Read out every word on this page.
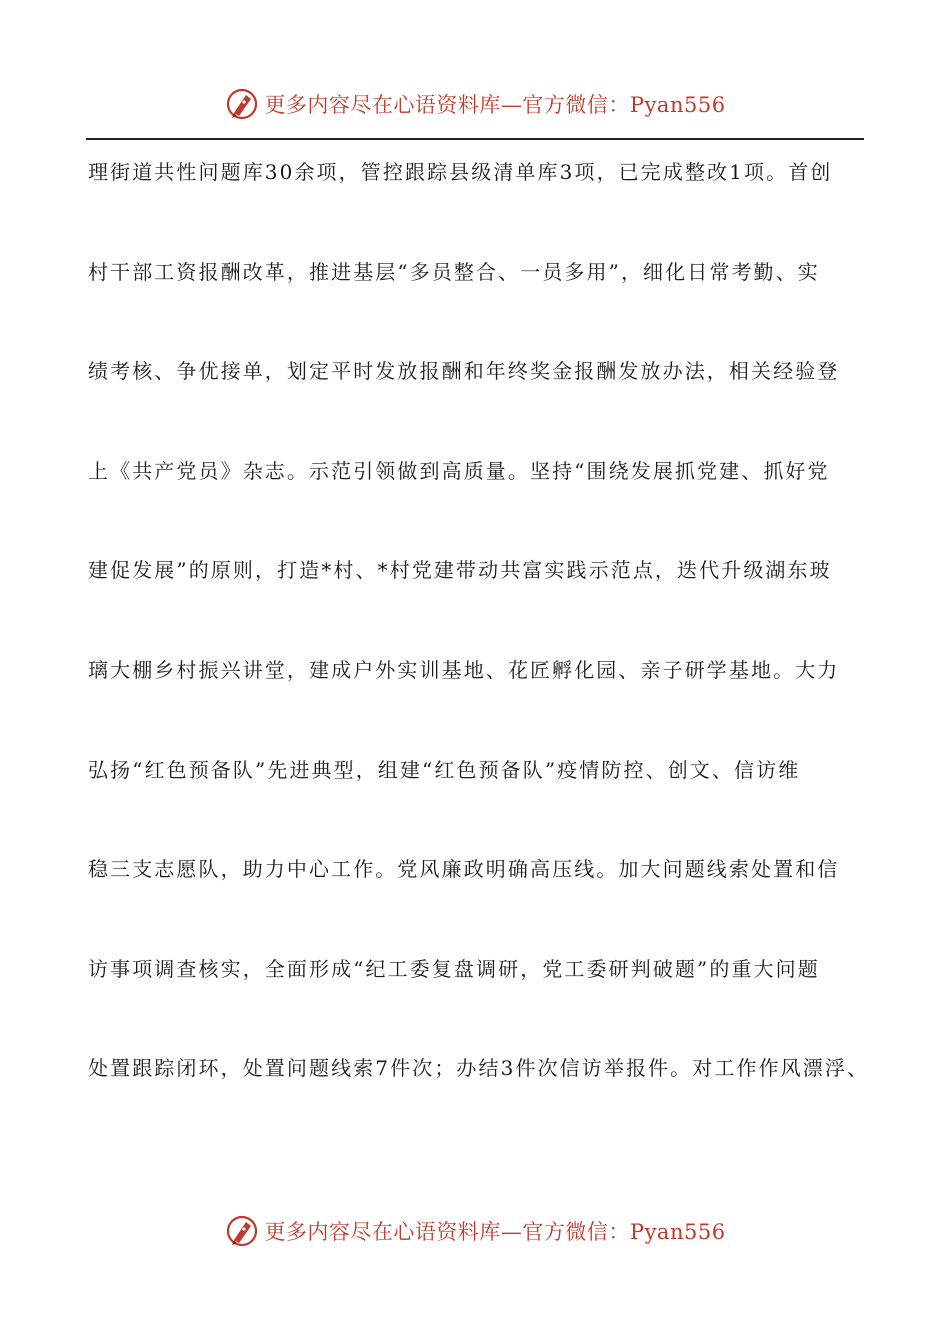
更多内容尽在心语资料库—官方微信：Pyan556
理街道共性问题库30余项，管控跟踪县级清单库3项，已完成整改1项。首创
村干部工资报酬改革，推进基层“多员整合、一员多用”，细化日常考勤、实
绩考核、争优接单，划定平时发放报酬和年终奖金报酬发放办法，相关经验登
上《共产党员》杂志。示范引领做到高质量。坚持“围绕发展抓党建、抓好党
建促发展”的原则，打造*村、*村党建带动共富实践示范点，迭代升级湖东玻
璃大棚乡村振兴讲堂，建成户外实训基地、花匠孵化园、亲子研学基地。大力
弘扬“红色预备队”先进典型，组建“红色预备队”疫情防控、创文、信访维
稳三支志愿队，助力中心工作。党风廉政明确高压线。加大问题线索处置和信
访事项调查核实，全面形成“纪工委复盘调研，党工委研判破题”的重大问题
处置跟踪闭环，处置问题线索7件次；办结3件次信访举报件。对工作作风漂浮、
更多内容尽在心语资料库—官方微信：Pyan556
